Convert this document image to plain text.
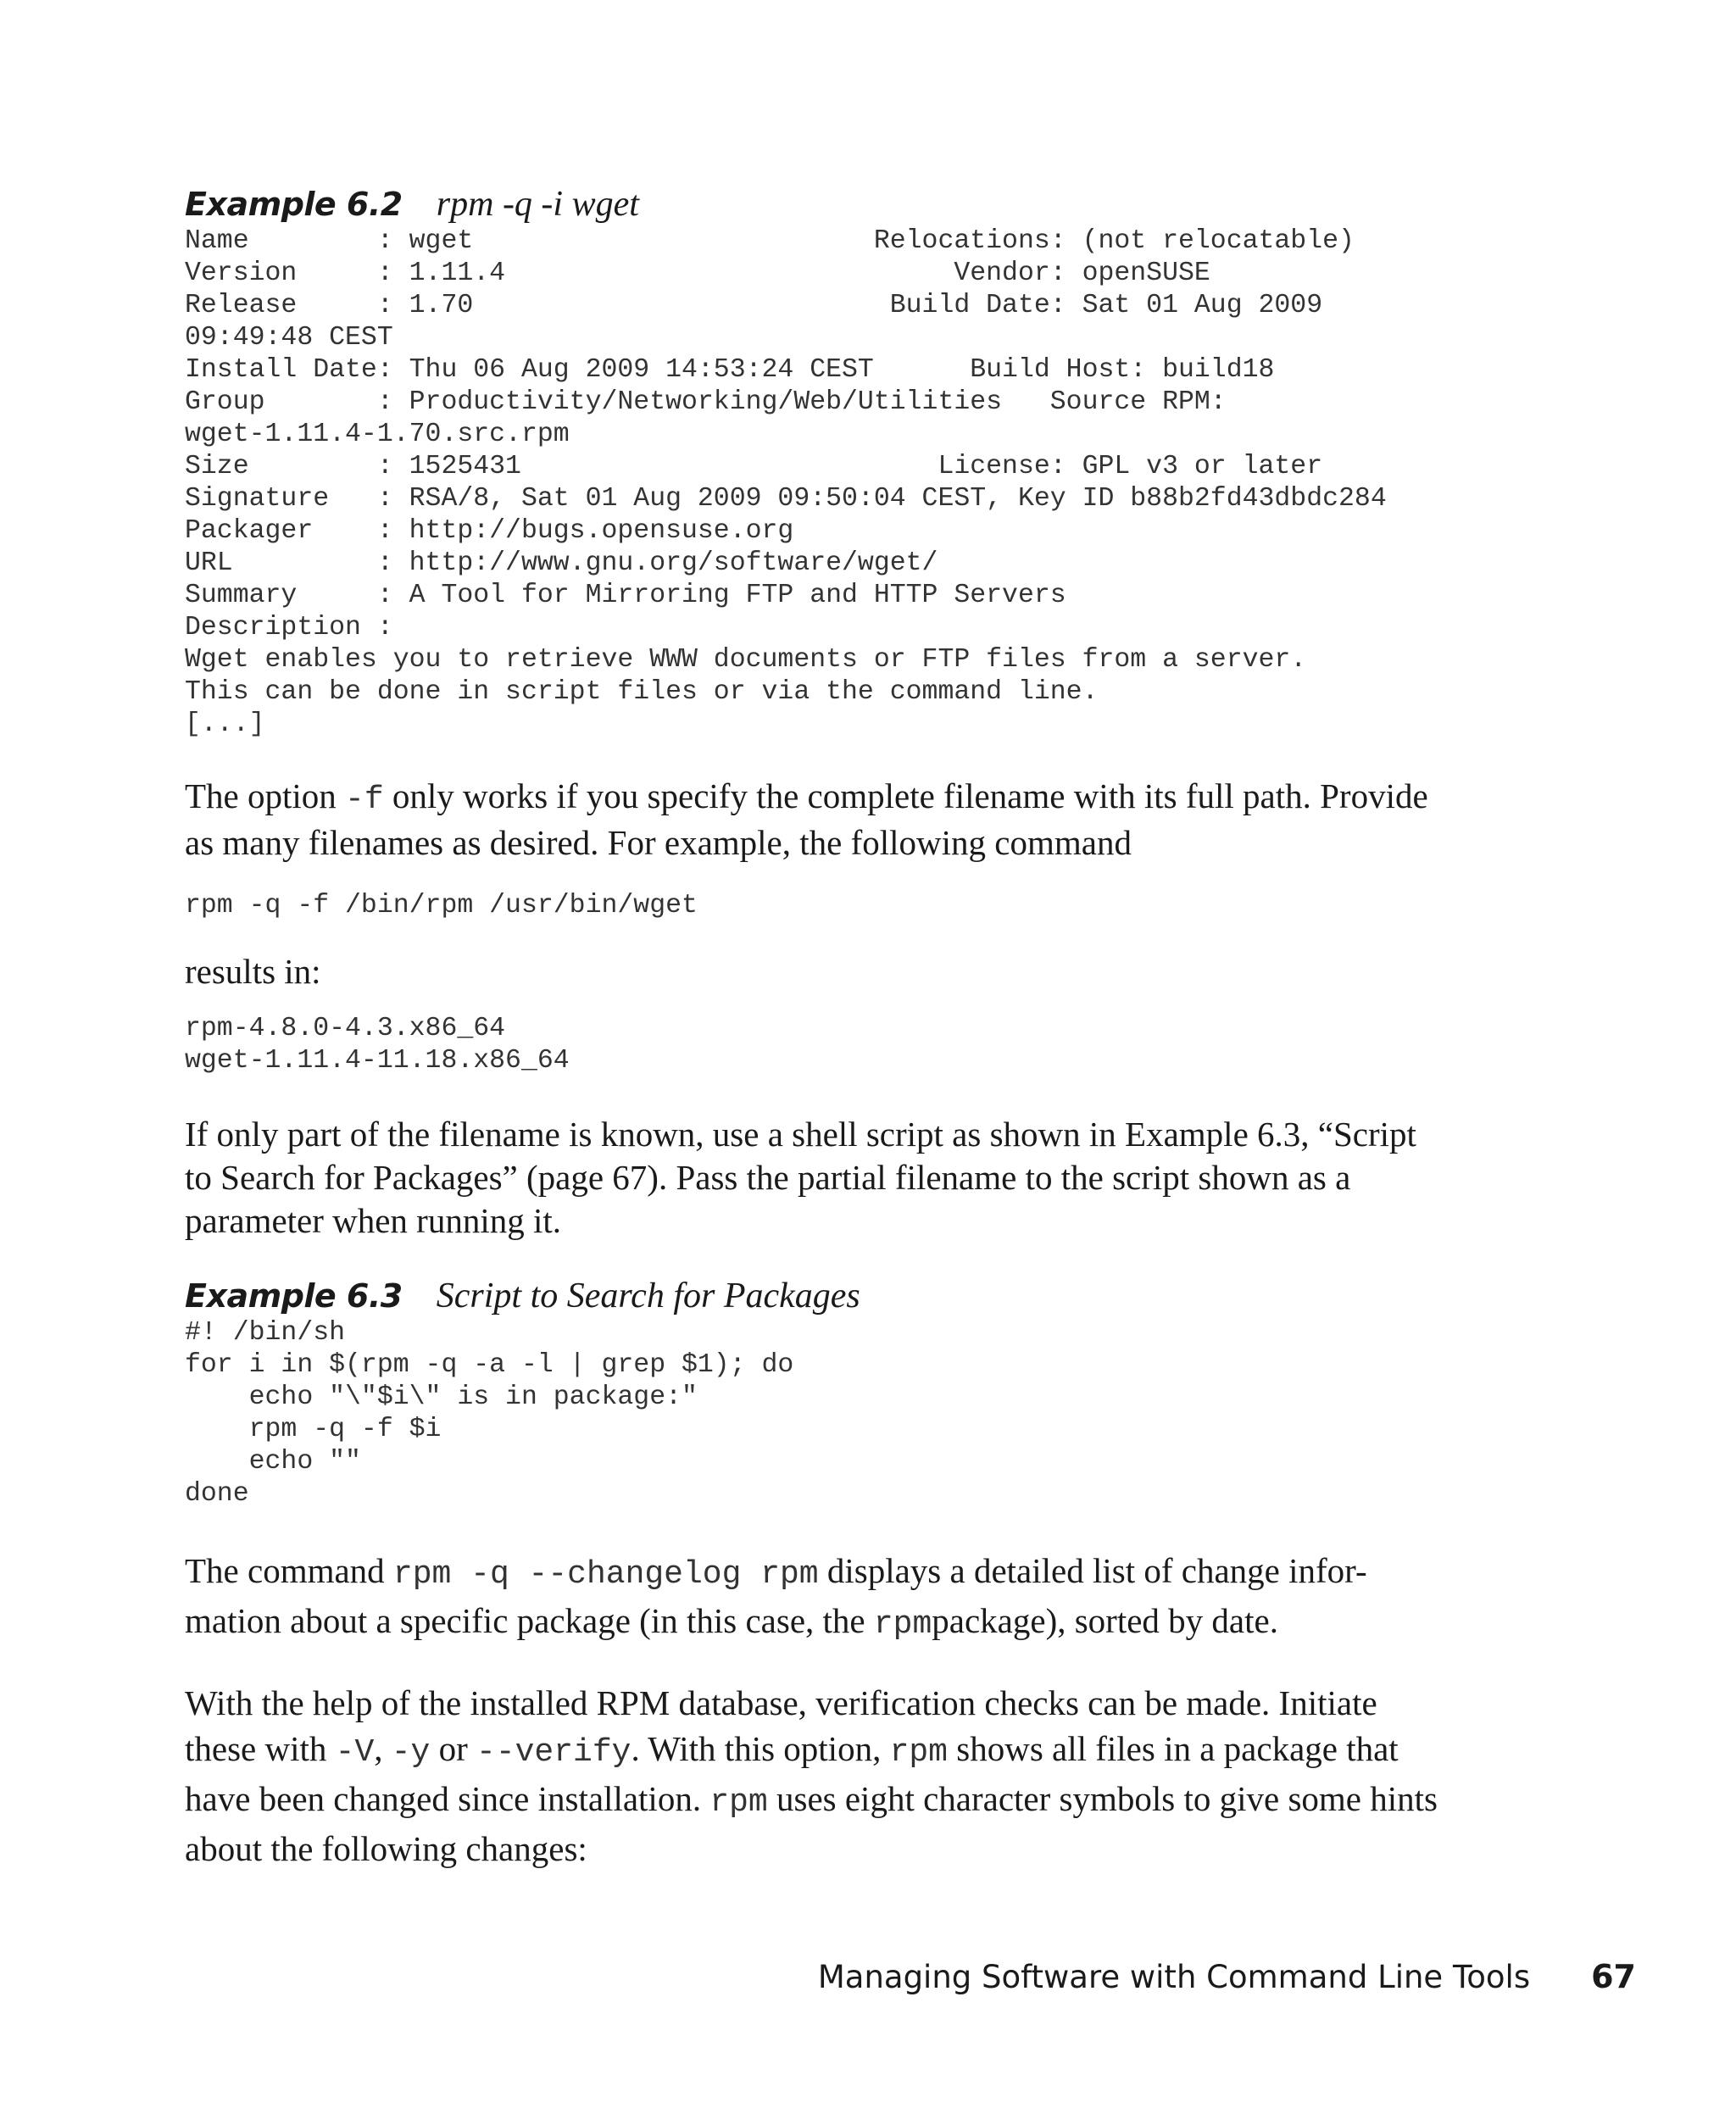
Example 6.2 rpm -q -i wget
Name        : wget                         Relocations: (not relocatable)
Version     : 1.11.4                            Vendor: openSUSE
Release     : 1.70                          Build Date: Sat 01 Aug 2009
09:49:48 CEST
Install Date: Thu 06 Aug 2009 14:53:24 CEST      Build Host: build18
Group       : Productivity/Networking/Web/Utilities   Source RPM:
wget-1.11.4-1.70.src.rpm
Size        : 1525431                          License: GPL v3 or later
Signature   : RSA/8, Sat 01 Aug 2009 09:50:04 CEST, Key ID b88b2fd43dbdc284
Packager    : http://bugs.opensuse.org
URL         : http://www.gnu.org/software/wget/
Summary     : A Tool for Mirroring FTP and HTTP Servers
Description :
Wget enables you to retrieve WWW documents or FTP files from a server.
This can be done in script files or via the command line.
[...]

The option -f only works if you specify the complete filename with its full path. Provide as many filenames as desired. For example, the following command

rpm -q -f /bin/rpm /usr/bin/wget

results in:

rpm-4.8.0-4.3.x86_64
wget-1.11.4-11.18.x86_64

If only part of the filename is known, use a shell script as shown in Example 6.3, “Script to Search for Packages” (page 67). Pass the partial filename to the script shown as a parameter when running it.

Example 6.3 Script to Search for Packages
#! /bin/sh
for i in $(rpm -q -a -l | grep $1); do
echo "\"$i\" is in package:"
rpm -q -f $i
echo ""
done

The command rpm -q --changelog rpm displays a detailed list of change infor-
mation about a specific package (in this case, the rpmpackage), sorted by date.

With the help of the installed RPM database, verification checks can be made. Initiate these with -V, -y or --verify. With this option, rpm shows all files in a package that have been changed since installation. rpm uses eight character symbols to give some hints about the following changes:

Managing Software with Command Line Tools 67
